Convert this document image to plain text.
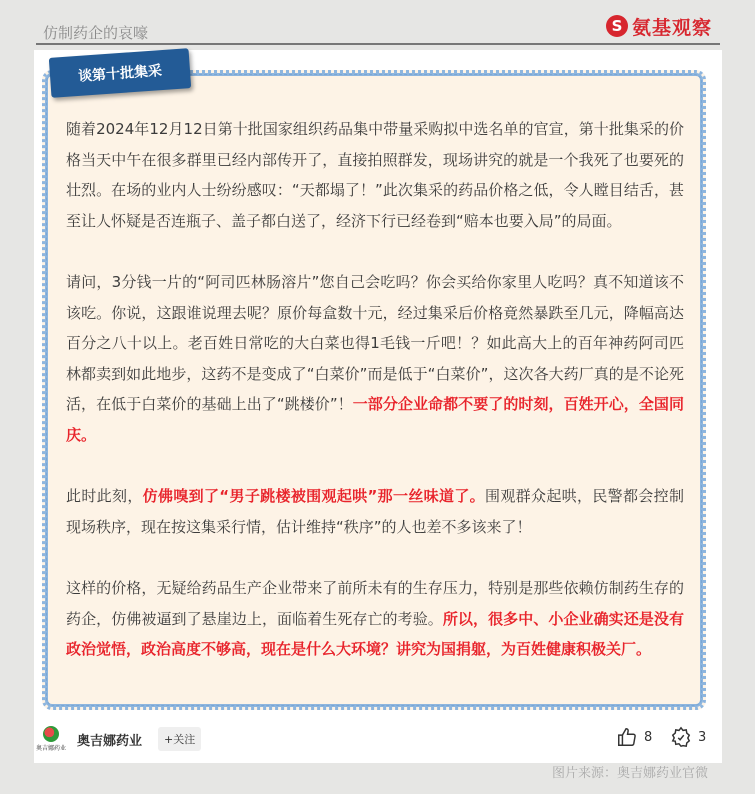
仿制药企的哀嚎	S 氨基观察
谈第十批集采

随着2024年12月12日第十批国家组织药品集中带量采购拟中选名单的官宣，第十批集采的价格当天中午在很多群里已经内部传开了，直接拍照群发，现场讲究的就是一个我死了也要死的壮烈。在场的业内人士纷纷感叹：“天都塌了！”此次集采的药品价格之低，令人瞠目结舌，甚至让人怀疑是否连瓶子、盖子都白送了，经济下行已经卷到“赔本也要入局”的局面。

请问，3分钱一片的“阿司匹林肠溶片”您自己会吃吗？你会买给你家里人吃吗？真不知道该不该吃。你说，这跟谁说理去呢？原价每盒数十元，经过集采后价格竟然暴跌至几元，降幅高达百分之八十以上。老百姓日常吃的大白菜也得1毛钱一斤吧！？如此高大上的百年神药阿司匹林都卖到如此地步，这药不是变成了“白菜价”而是低于“白菜价”，这次各大药厂真的是不论死活，在低于白菜价的基础上出了“跳楼价”！一部分企业命都不要了的时刻，百姓开心，全国同庆。

此时此刻，仿佛嗅到了“男子跳楼被围观起哄”那一丝味道了。围观群众起哄，民警都会控制现场秩序，现在按这集采行情，估计维持“秩序”的人也差不多该来了！

这样的价格，无疑给药品生产企业带来了前所未有的生存压力，特别是那些依赖仿制药生存的药企，仿佛被逼到了悬崖边上，面临着生死存亡的考验。所以，很多中、小企业确实还是没有政治觉悟，政治高度不够高，现在是什么大环境？讲究为国捐躯，为百姓健康积极关厂。

奥吉娜药业 奥吉娜药业	+关注	8	3
图片来源：奥吉娜药业官微
